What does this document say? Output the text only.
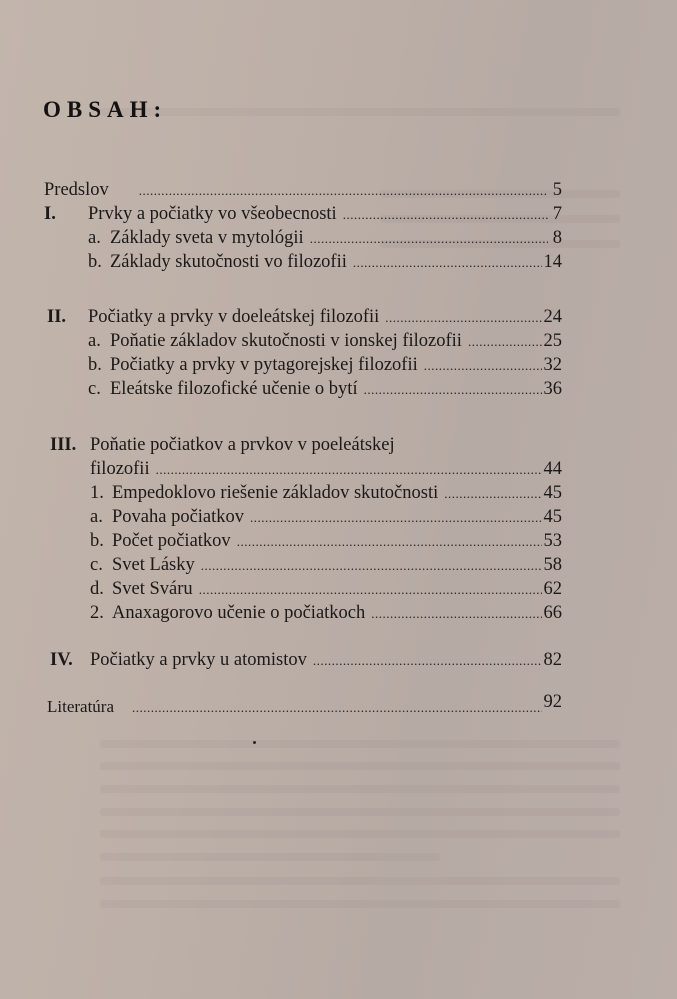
OBSAH:
Predslov .....	5
I.	Prvky a počiatky vo všeobecnosti .....	7
a. Základy sveta v mytológii .....	8
b. Základy skutočnosti vo filozofii .....	14
II.	Počiatky a prvky v doeleátskej filozofii .....	24
a. Poňatie základov skutočnosti v ionskej filozofii .....	25
b. Počiatky a prvky v pytagorejskej filozofii .....	32
c. Eleátske filozofické učenie o bytí .....	36
III. Poňatie počiatkov a prvkov v poeleátskej
filozofii .....	44
1. Empedoklovo riešenie základov skutočnosti .....	45
a. Povaha počiatkov .....	45
b. Počet počiatkov .....	53
c. Svet Lásky .....	58
d. Svet Sváru .....	62
2. Anaxagorovo učenie o počiatkoch .....	66
IV. Počiatky a prvky u atomistov .....	82
Literatúra .....	92
